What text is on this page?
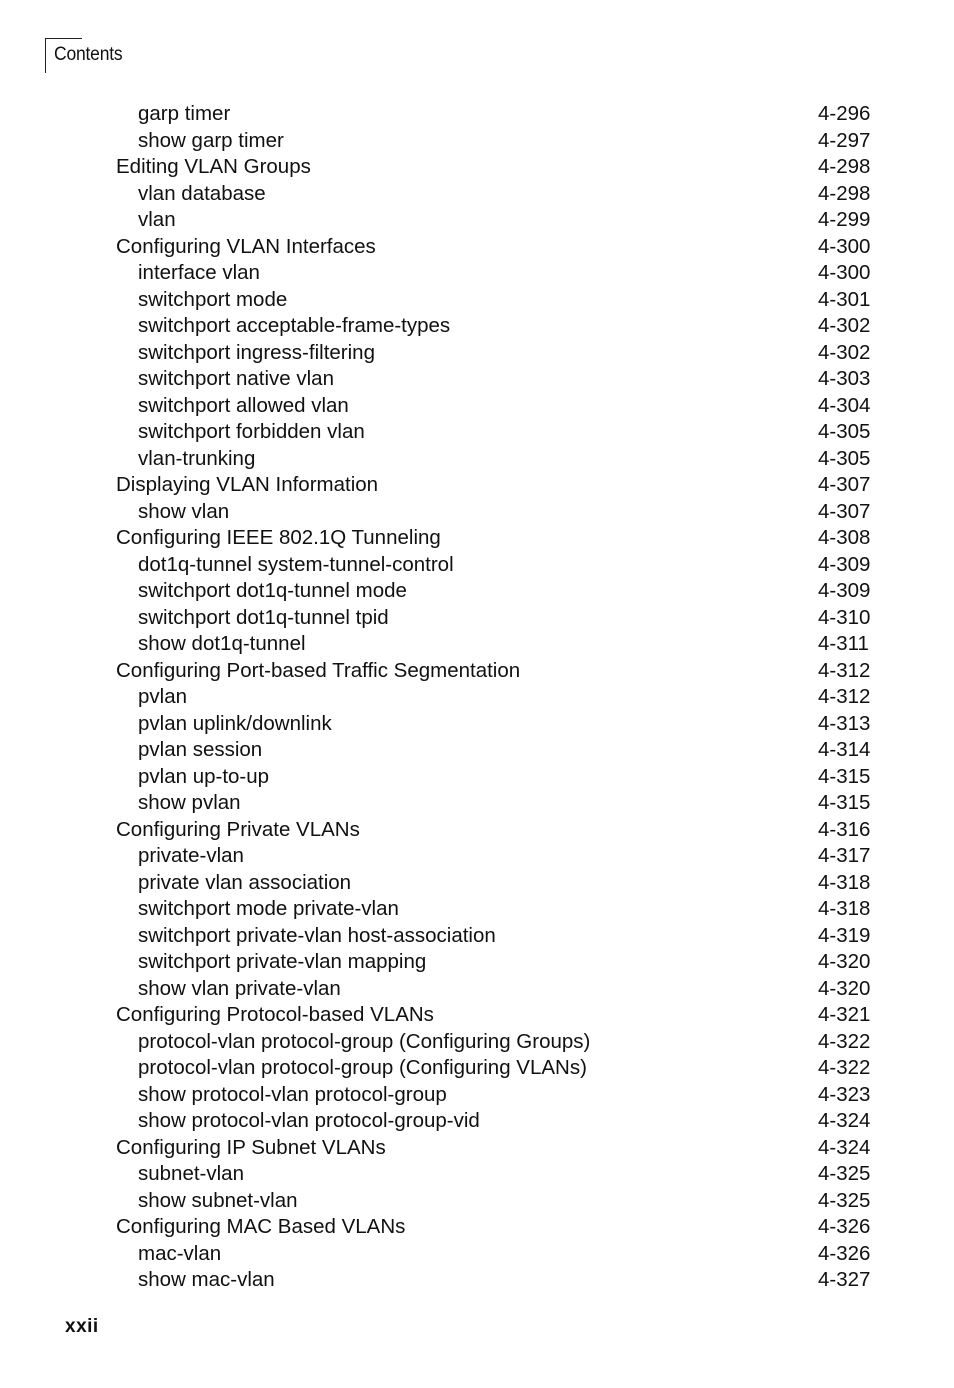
Contents
garp timer	4-296
show garp timer	4-297
Editing VLAN Groups	4-298
vlan database	4-298
vlan	4-299
Configuring VLAN Interfaces	4-300
interface vlan	4-300
switchport mode	4-301
switchport acceptable-frame-types	4-302
switchport ingress-filtering	4-302
switchport native vlan	4-303
switchport allowed vlan	4-304
switchport forbidden vlan	4-305
vlan-trunking	4-305
Displaying VLAN Information	4-307
show vlan	4-307
Configuring IEEE 802.1Q Tunneling	4-308
dot1q-tunnel system-tunnel-control	4-309
switchport dot1q-tunnel mode	4-309
switchport dot1q-tunnel tpid	4-310
show dot1q-tunnel	4-311
Configuring Port-based Traffic Segmentation	4-312
pvlan	4-312
pvlan uplink/downlink	4-313
pvlan session	4-314
pvlan up-to-up	4-315
show pvlan	4-315
Configuring Private VLANs	4-316
private-vlan	4-317
private vlan association	4-318
switchport mode private-vlan	4-318
switchport private-vlan host-association	4-319
switchport private-vlan mapping	4-320
show vlan private-vlan	4-320
Configuring Protocol-based VLANs	4-321
protocol-vlan protocol-group (Configuring Groups)	4-322
protocol-vlan protocol-group (Configuring VLANs)	4-322
show protocol-vlan protocol-group	4-323
show protocol-vlan protocol-group-vid	4-324
Configuring IP Subnet VLANs	4-324
subnet-vlan	4-325
show subnet-vlan	4-325
Configuring MAC Based VLANs	4-326
mac-vlan	4-326
show mac-vlan	4-327
xxii
